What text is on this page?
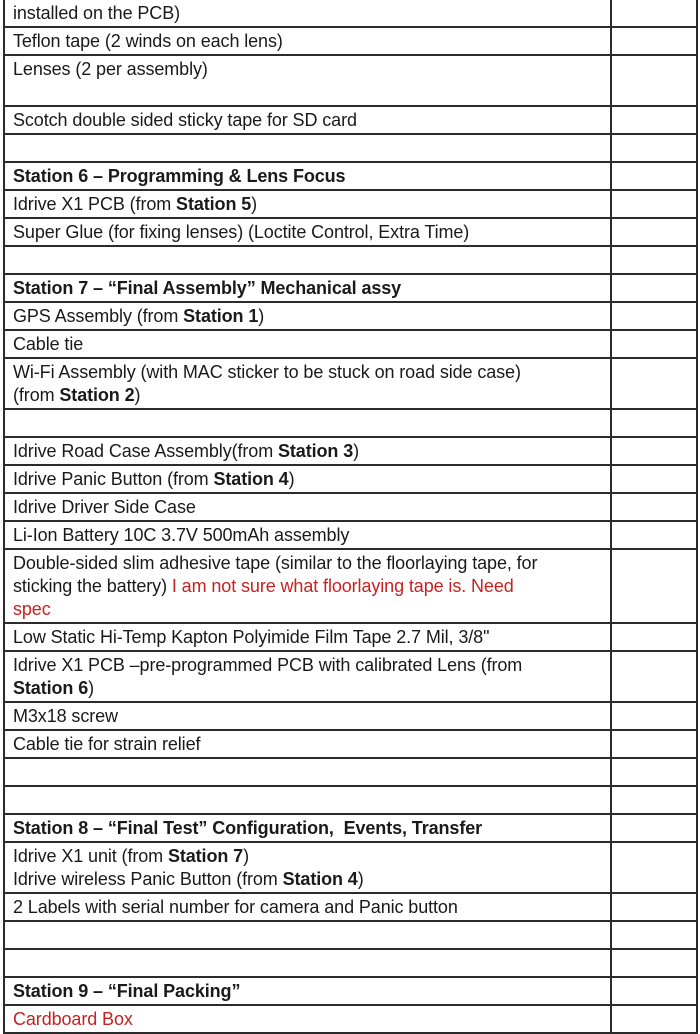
installed on the PCB)	

Teflon tape (2 winds on each lens)	

Lenses (2 per assembly)	

Scotch double sided sticky tape for SD card	

Station 6 – Programming & Lens Focus	

Idrive X1 PCB (from Station 5)	

Super Glue (for fixing lenses) (Loctite Control, Extra Time)	

Station 7 – “Final Assembly” Mechanical assy	

GPS Assembly (from Station 1)	

Cable tie	

Wi-Fi Assembly (with MAC sticker to be stuck on road side case)
(from Station 2)	

Idrive Road Case Assembly(from Station 3)	

Idrive Panic Button (from Station 4)	

Idrive Driver Side Case	

Li-Ion Battery 10C 3.7V 500mAh assembly	

Double-sided slim adhesive tape (similar to the floorlaying tape, for
sticking the battery) I am not sure what floorlaying tape is. Need
spec	

Low Static Hi-Temp Kapton Polyimide Film Tape 2.7 Mil, 3/8"	

Idrive X1 PCB –pre-programmed PCB with calibrated Lens (from
Station 6)	

M3x18 screw	

Cable tie for strain relief	

Station 8 – “Final Test” Configuration,  Events, Transfer	

Idrive X1 unit (from Station 7)
Idrive wireless Panic Button (from Station 4)	

2 Labels with serial number for camera and Panic button	

Station 9 – “Final Packing”	

Cardboard Box	
